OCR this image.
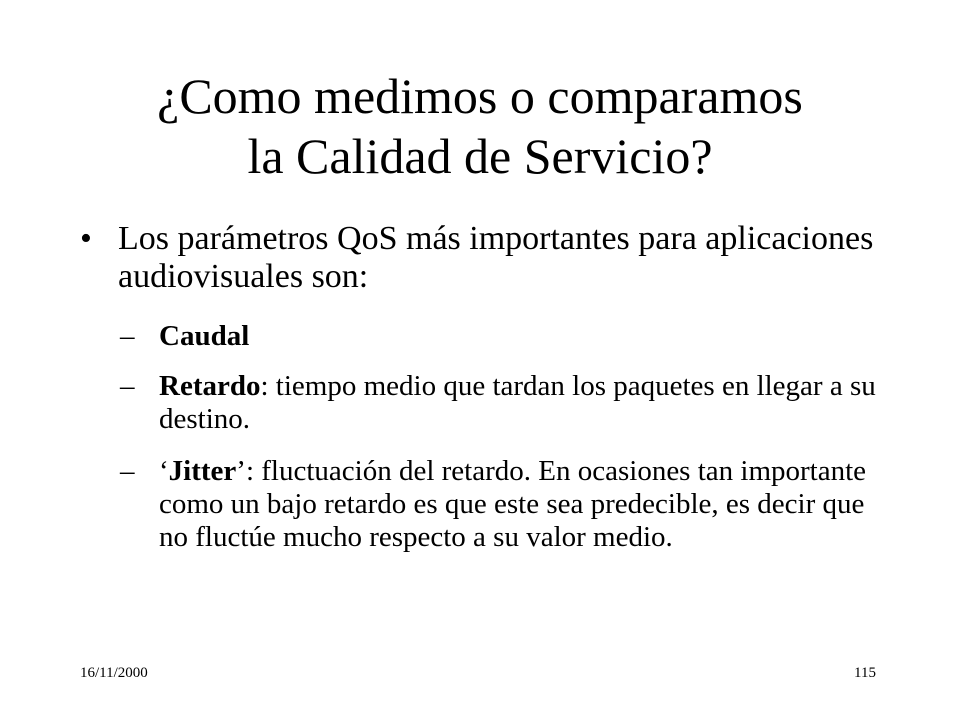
¿Como medimos o comparamos
la Calidad de Servicio?
• Los parámetros QoS más importantes para aplicaciones audiovisuales son:
– Caudal
– Retardo: tiempo medio que tardan los paquetes en llegar a su destino.
– ‘Jitter’: fluctuación del retardo. En ocasiones tan importante como un bajo retardo es que este sea predecible, es decir que no fluctúe mucho respecto a su valor medio.
16/11/2000	115
